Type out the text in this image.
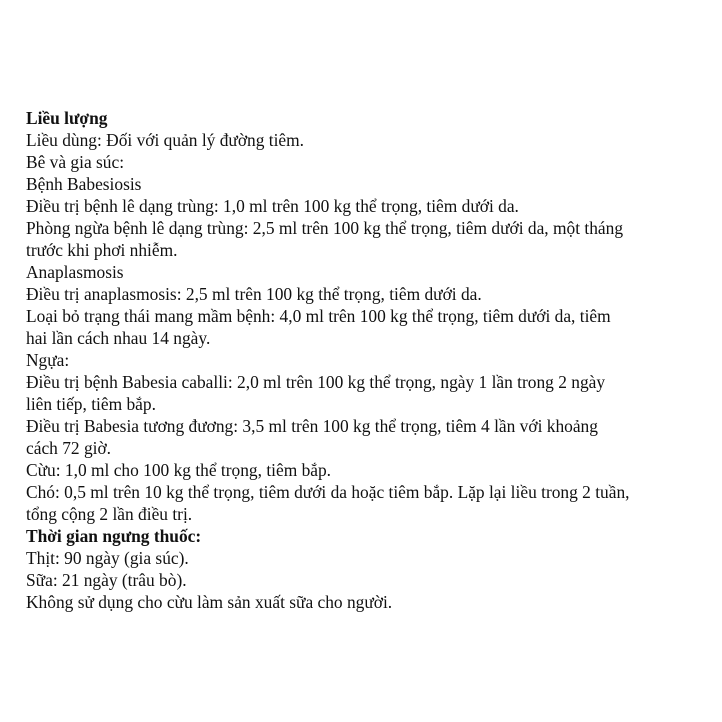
Liều lượng
Liều dùng: Đối với quản lý đường tiêm.
Bê và gia súc:
Bệnh Babesiosis
Điều trị bệnh lê dạng trùng: 1,0 ml trên 100 kg thể trọng, tiêm dưới da.
Phòng ngừa bệnh lê dạng trùng: 2,5 ml trên 100 kg thể trọng, tiêm dưới da, một tháng
trước khi phơi nhiễm.
Anaplasmosis
Điều trị anaplasmosis: 2,5 ml trên 100 kg thể trọng, tiêm dưới da.
Loại bỏ trạng thái mang mầm bệnh: 4,0 ml trên 100 kg thể trọng, tiêm dưới da, tiêm
hai lần cách nhau 14 ngày.
Ngựa:
Điều trị bệnh Babesia caballi: 2,0 ml trên 100 kg thể trọng, ngày 1 lần trong 2 ngày
liên tiếp, tiêm bắp.
Điều trị Babesia tương đương: 3,5 ml trên 100 kg thể trọng, tiêm 4 lần với khoảng
cách 72 giờ.
Cừu: 1,0 ml cho 100 kg thể trọng, tiêm bắp.
Chó: 0,5 ml trên 10 kg thể trọng, tiêm dưới da hoặc tiêm bắp. Lặp lại liều trong 2 tuần,
tổng cộng 2 lần điều trị.
Thời gian ngưng thuốc:
Thịt: 90 ngày (gia súc).
Sữa: 21 ngày (trâu bò).
Không sử dụng cho cừu làm sản xuất sữa cho người.
